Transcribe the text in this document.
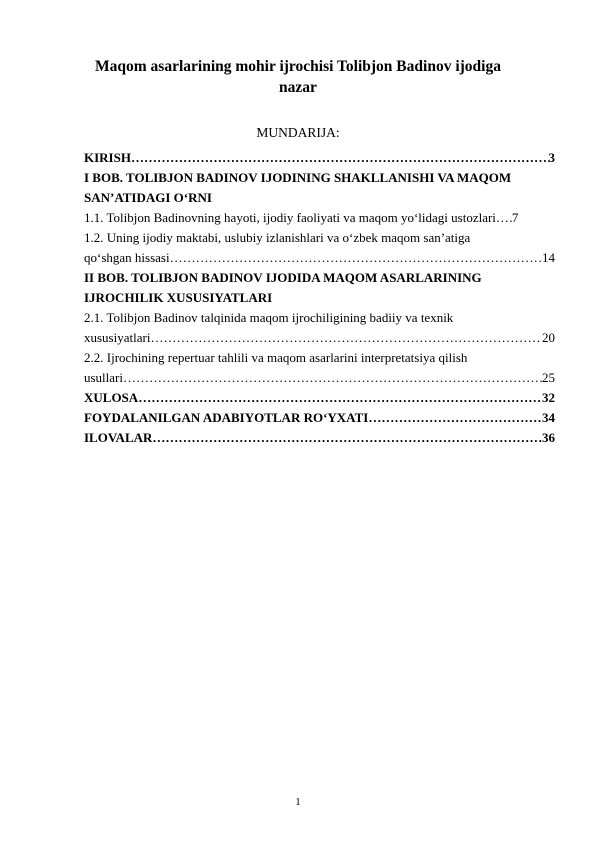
Maqom asarlarining mohir ijrochisi Tolibjon Badinov ijodiga nazar
MUNDARIJA:
KIRISH …………………………………………………………………………………………………………………………………………………………………………………………………………………………	3
I BOB. TOLIBJON BADINOV IJODINING SHAKLLANISHI VA MAQOM
SAN’ATIDAGI O‘RNI
1.1. Tolibjon Badinovning hayoti, ijodiy faoliyati va maqom yo‘lidagi ustozlari ………………………………………………………………………………………………………………………………………………………………………………………………………………………… 7
1.2. Uning ijodiy maktabi, uslubiy izlanishlari va o‘zbek maqom san’atiga
qo‘shgan hissasi …………………………………………………………………………………………………………………………………………………………………………………………………………………………	14
II BOB. TOLIBJON BADINOV IJODIDA MAQOM ASARLARINING
IJROCHILIK XUSUSIYATLARI
2.1. Tolibjon Badinov talqinida maqom ijrochiligining badiiy va texnik
xususiyatlari …………………………………………………………………………………………………………………………………………………………………………………………………………………………	20
2.2. Ijrochining repertuar tahlili va maqom asarlarini interpretatsiya qilish
usullari …………………………………………………………………………………………………………………………………………………………………………………………………………………………	25
XULOSA …………………………………………………………………………………………………………………………………………………………………………………………………………………………	32
FOYDALANILGAN ADABIYOTLAR RO‘YXATI …………………………………………………………………………………………………………………………………………………………………………………………………………………………	34
ILOVALAR …………………………………………………………………………………………………………………………………………………………………………………………………………………………	36
1
